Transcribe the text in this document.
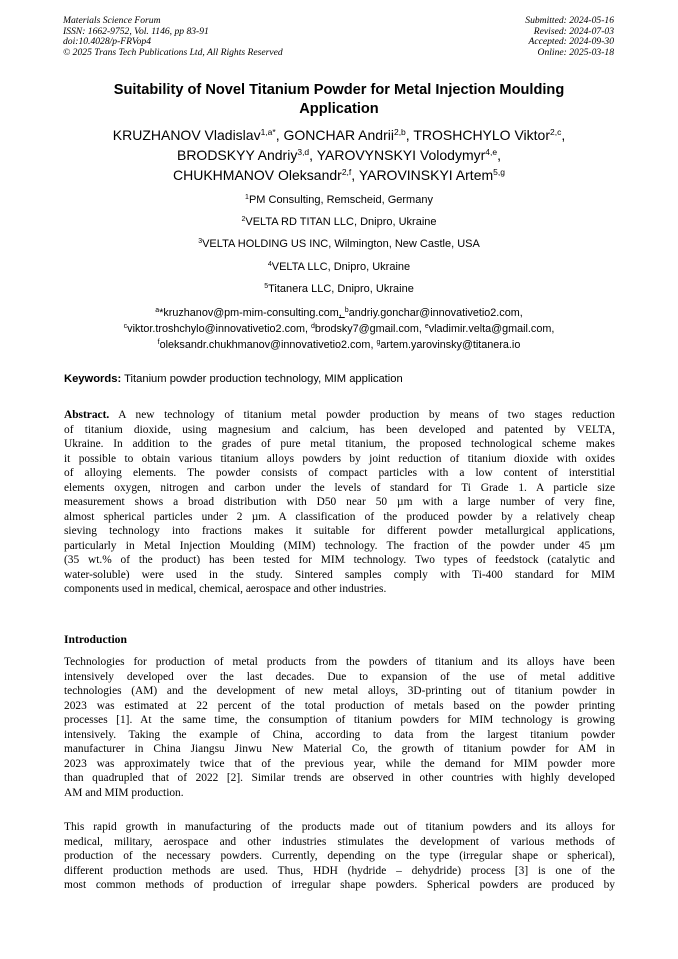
Materials Science Forum
ISSN: 1662-9752, Vol. 1146, pp 83-91
doi:10.4028/p-FRVop4
© 2025 Trans Tech Publications Ltd, All Rights Reserved
Submitted: 2024-05-16
Revised: 2024-07-03
Accepted: 2024-09-30
Online: 2025-03-18
Suitability of Novel Titanium Powder for Metal Injection Moulding
Application
KRUZHANOV Vladislav$^{1,a*}$, GONCHAR Andrii$^{2,b}$, TROSHCHYLO Viktor$^{2,c}$,
BRODSKYY Andriy$^{3,d}$, YAROVYNSKYI Volodymyr$^{4,e}$,
CHUKHMANOV Oleksandr$^{2,f}$, YAROVINSKYI Artem$^{5,g}$
$^1$PM Consulting, Remscheid, Germany
$^2$VELTA RD TITAN LLC, Dnipro, Ukraine
$^3$VELTA HOLDING US INC, Wilmington, New Castle, USA
$^4$VELTA LLC, Dnipro, Ukraine
$^5$Titanera LLC, Dnipro, Ukraine
$^a$*kruzhanov@pm-mim-consulting.com, $^b$andriy.gonchar@innovativetio2.com,
$^c$viktor.troshchylo@innovativetio2.com, $^d$brodsky7@gmail.com, $^e$vladimir.velta@gmail.com,
$^f$oleksandr.chukhmanov@innovativetio2.com, $^g$artem.yarovinsky@titanera.io
Keywords: Titanium powder production technology, MIM application
Abstract. A new technology of titanium metal powder production by means of two stages reduction
of titanium dioxide, using magnesium and calcium, has been developed and patented by VELTA,
Ukraine. In addition to the grades of pure metal titanium, the proposed technological scheme makes
it possible to obtain various titanium alloys powders by joint reduction of titanium dioxide with oxides
of alloying elements. The powder consists of compact particles with a low content of interstitial
elements oxygen, nitrogen and carbon under the levels of standard for Ti Grade 1. A particle size
measurement shows a broad distribution with D50 near 50 µm with a large number of very fine,
almost spherical particles under 2 µm. A classification of the produced powder by a relatively cheap
sieving technology into fractions makes it suitable for different powder metallurgical applications,
particularly in Metal Injection Moulding (MIM) technology. The fraction of the powder under 45 µm
(35 wt.% of the product) has been tested for MIM technology. Two types of feedstock (catalytic and
water-soluble) were used in the study. Sintered samples comply with Ti-400 standard for MIM
components used in medical, chemical, aerospace and other industries.
Introduction
Technologies for production of metal products from the powders of titanium and its alloys have been
intensively developed over the last decades. Due to expansion of the use of metal additive
technologies (AM) and the development of new metal alloys, 3D-printing out of titanium powder in
2023 was estimated at 22 percent of the total production of metals based on the powder printing
processes [1]. At the same time, the consumption of titanium powders for MIM technology is growing
intensively. Taking the example of China, according to data from the largest titanium powder
manufacturer in China Jiangsu Jinwu New Material Co, the growth of titanium powder for AM in
2023 was approximately twice that of the previous year, while the demand for MIM powder more
than quadrupled that of 2022 [2]. Similar trends are observed in other countries with highly developed
AM and MIM production.
This rapid growth in manufacturing of the products made out of titanium powders and its alloys for
medical, military, aerospace and other industries stimulates the development of various methods of
production of the necessary powders. Currently, depending on the type (irregular shape or spherical),
different production methods are used. Thus, HDH (hydride – dehydride) process [3] is one of the
most common methods of production of irregular shape powders. Spherical powders are produced by
